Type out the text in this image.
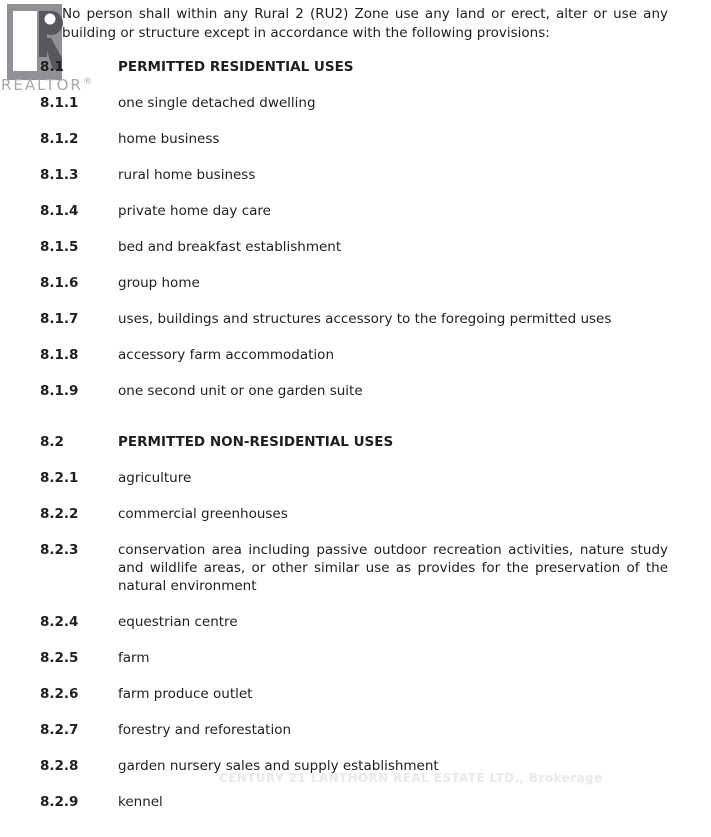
REALTOR®
CENTURY 21 LANTHORN REAL ESTATE LTD., Brokerage

No person shall within any Rural 2 (RU2) Zone use any land or erect, alter or use any building or structure except in accordance with the following provisions:

8.1	PERMITTED RESIDENTIAL USES
8.1.1	one single detached dwelling
8.1.2	home business
8.1.3	rural home business
8.1.4	private home day care
8.1.5	bed and breakfast establishment
8.1.6	group home
8.1.7	uses, buildings and structures accessory to the foregoing permitted uses
8.1.8	accessory farm accommodation
8.1.9	one second unit or one garden suite
8.2	PERMITTED NON-RESIDENTIAL USES
8.2.1	agriculture
8.2.2	commercial greenhouses
8.2.3	conservation area including passive outdoor recreation activities, nature study and wildlife areas, or other similar use as provides for the preservation of the natural environment
8.2.4	equestrian centre
8.2.5	farm
8.2.6	farm produce outlet
8.2.7	forestry and reforestation
8.2.8	garden nursery sales and supply establishment
8.2.9	kennel
